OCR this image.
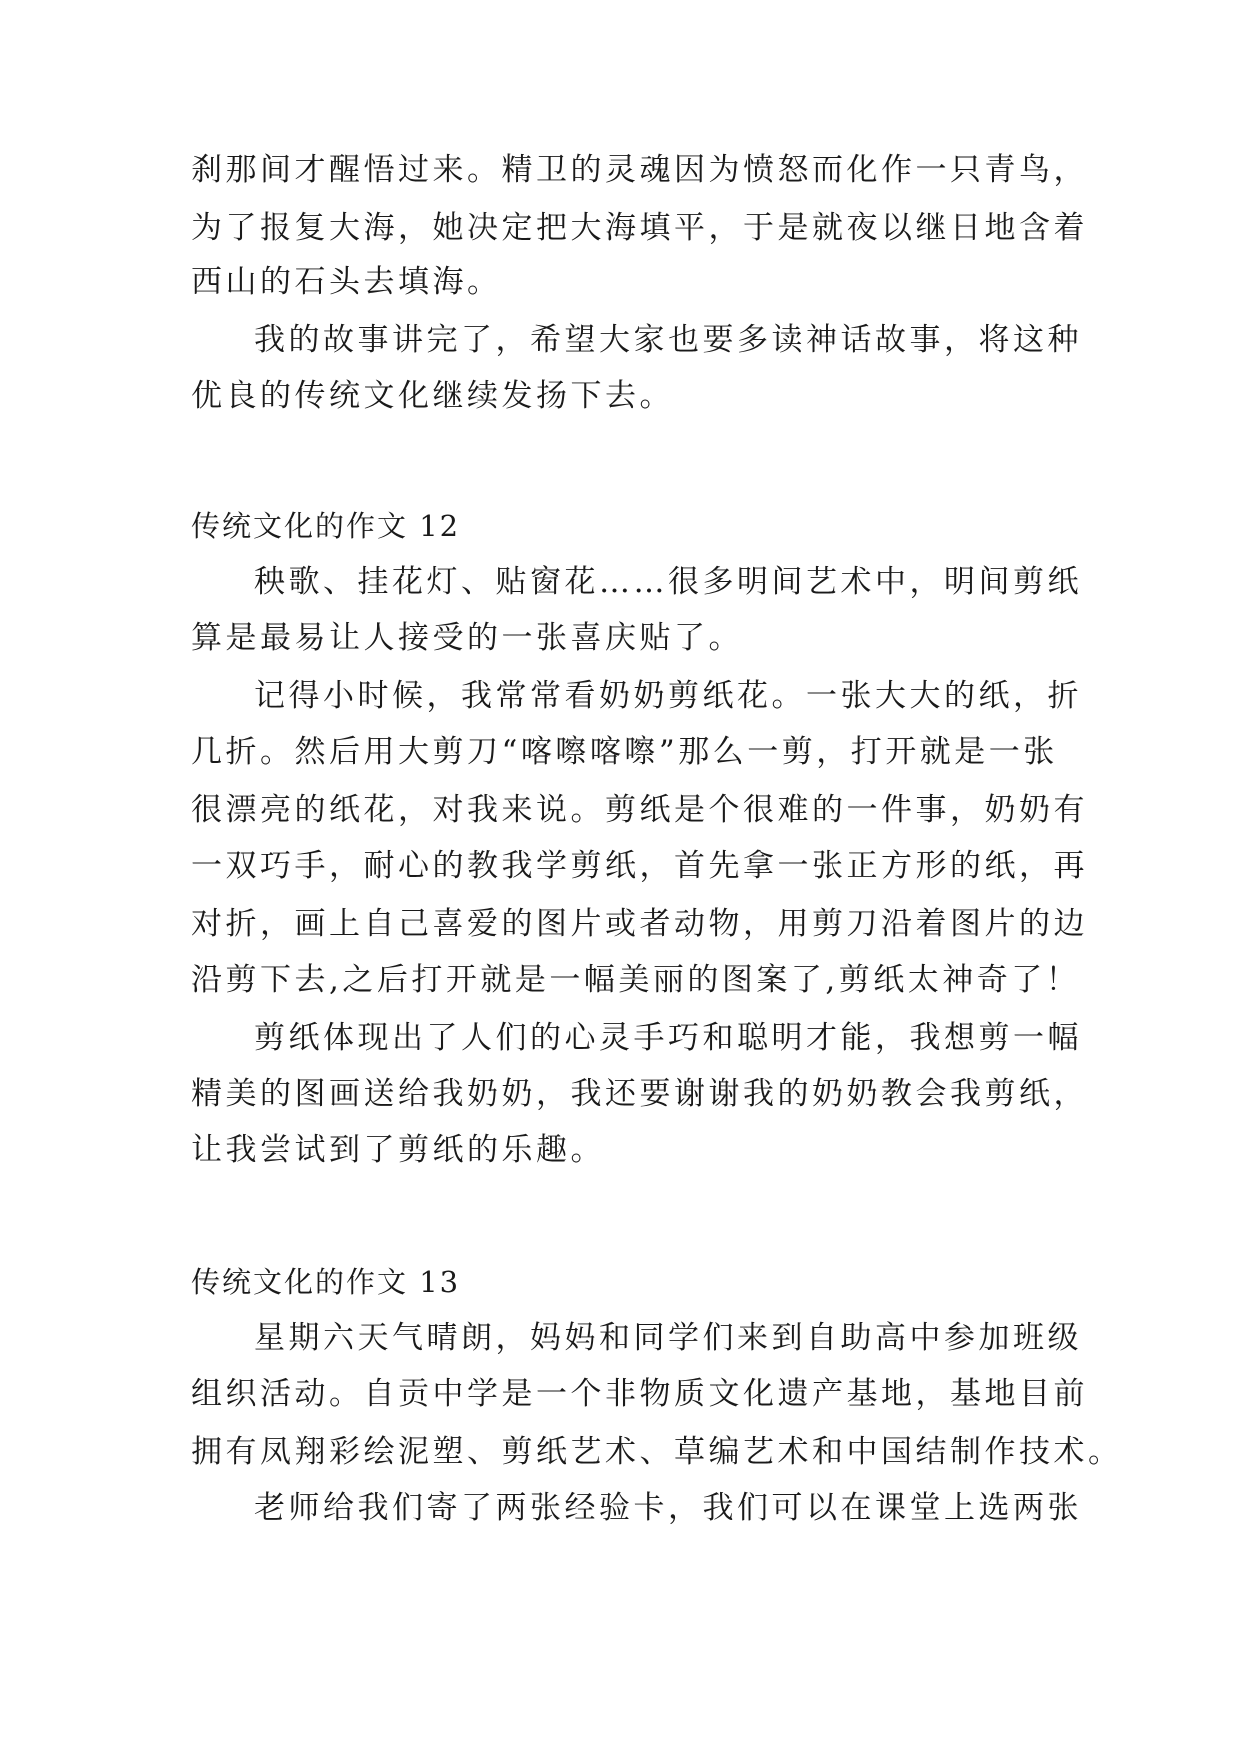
刹那间才醒悟过来。精卫的灵魂因为愤怒而化作一只青鸟，
为了报复大海，她决定把大海填平，于是就夜以继日地含着
西山的石头去填海。
我的故事讲完了，希望大家也要多读神话故事，将这种
优良的传统文化继续发扬下去。
传统文化的作文 12
秧歌、挂花灯、贴窗花……很多明间艺术中，明间剪纸
算是最易让人接受的一张喜庆贴了。
记得小时候，我常常看奶奶剪纸花。一张大大的纸，折
几折。然后用大剪刀“喀嚓喀嚓”那么一剪，打开就是一张
很漂亮的纸花，对我来说。剪纸是个很难的一件事，奶奶有
一双巧手，耐心的教我学剪纸，首先拿一张正方形的纸，再
对折，画上自己喜爱的图片或者动物，用剪刀沿着图片的边
沿剪下去,之后打开就是一幅美丽的图案了,剪纸太神奇了！
剪纸体现出了人们的心灵手巧和聪明才能，我想剪一幅
精美的图画送给我奶奶，我还要谢谢我的奶奶教会我剪纸，
让我尝试到了剪纸的乐趣。
传统文化的作文 13
星期六天气晴朗，妈妈和同学们来到自助高中参加班级
组织活动。自贡中学是一个非物质文化遗产基地，基地目前
拥有凤翔彩绘泥塑、剪纸艺术、草编艺术和中国结制作技术。
老师给我们寄了两张经验卡，我们可以在课堂上选两张
